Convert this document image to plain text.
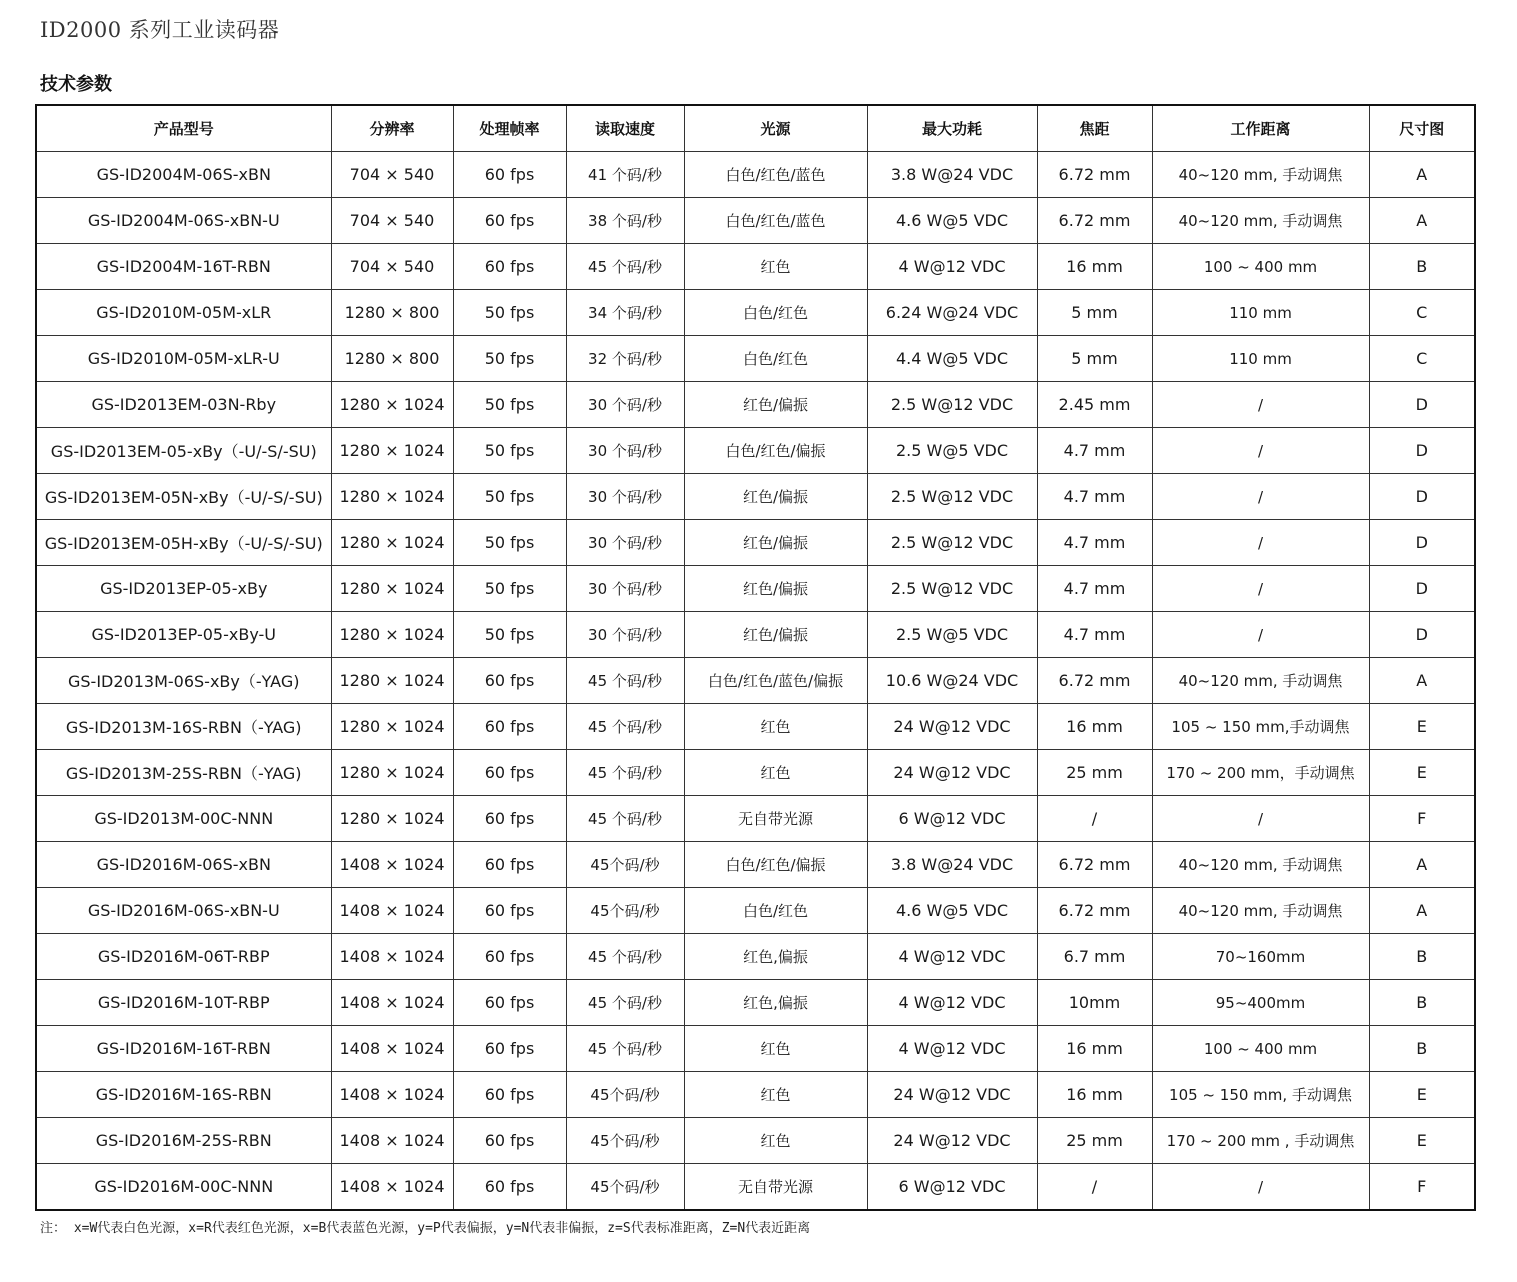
ID2000 系列工业读码器
技术参数
产品型号	分辨率	处理帧率	读取速度	光源	最大功耗	焦距	工作距离	尺寸图
GS-ID2004M-06S-xBN	704 × 540	60 fps	41 个码/秒	白色/红色/蓝色	3.8 W@24 VDC	6.72 mm	40~120 mm, 手动调焦	A
GS-ID2004M-06S-xBN-U	704 × 540	60 fps	38 个码/秒	白色/红色/蓝色	4.6 W@5 VDC	6.72 mm	40~120 mm, 手动调焦	A
GS-ID2004M-16T-RBN	704 × 540	60 fps	45 个码/秒	红色	4 W@12 VDC	16 mm	100 ~ 400 mm	B
GS-ID2010M-05M-xLR	1280 × 800	50 fps	34 个码/秒	白色/红色	6.24 W@24 VDC	5 mm	110 mm	C
GS-ID2010M-05M-xLR-U	1280 × 800	50 fps	32 个码/秒	白色/红色	4.4 W@5 VDC	5 mm	110 mm	C
GS-ID2013EM-03N-Rby	1280 × 1024	50 fps	30 个码/秒	红色/偏振	2.5 W@12 VDC	2.45 mm	/	D
GS-ID2013EM-05-xBy（-U/-S/-SU)	1280 × 1024	50 fps	30 个码/秒	白色/红色/偏振	2.5 W@5 VDC	4.7 mm	/	D
GS-ID2013EM-05N-xBy（-U/-S/-SU)	1280 × 1024	50 fps	30 个码/秒	红色/偏振	2.5 W@12 VDC	4.7 mm	/	D
GS-ID2013EM-05H-xBy（-U/-S/-SU)	1280 × 1024	50 fps	30 个码/秒	红色/偏振	2.5 W@12 VDC	4.7 mm	/	D
GS-ID2013EP-05-xBy	1280 × 1024	50 fps	30 个码/秒	红色/偏振	2.5 W@12 VDC	4.7 mm	/	D
GS-ID2013EP-05-xBy-U	1280 × 1024	50 fps	30 个码/秒	红色/偏振	2.5 W@5 VDC	4.7 mm	/	D
GS-ID2013M-06S-xBy（-YAG)	1280 × 1024	60 fps	45 个码/秒	白色/红色/蓝色/偏振	10.6 W@24 VDC	6.72 mm	40~120 mm, 手动调焦	A
GS-ID2013M-16S-RBN（-YAG)	1280 × 1024	60 fps	45 个码/秒	红色	24 W@12 VDC	16 mm	105 ~ 150 mm,手动调焦	E
GS-ID2013M-25S-RBN（-YAG)	1280 × 1024	60 fps	45 个码/秒	红色	24 W@12 VDC	25 mm	170 ~ 200 mm，手动调焦	E
GS-ID2013M-00C-NNN	1280 × 1024	60 fps	45 个码/秒	无自带光源	6 W@12 VDC	/	/	F
GS-ID2016M-06S-xBN	1408 × 1024	60 fps	45个码/秒	白色/红色/偏振	3.8 W@24 VDC	6.72 mm	40~120 mm, 手动调焦	A
GS-ID2016M-06S-xBN-U	1408 × 1024	60 fps	45个码/秒	白色/红色	4.6 W@5 VDC	6.72 mm	40~120 mm, 手动调焦	A
GS-ID2016M-06T-RBP	1408 × 1024	60 fps	45 个码/秒	红色,偏振	4 W@12 VDC	6.7 mm	70~160mm	B
GS-ID2016M-10T-RBP	1408 × 1024	60 fps	45 个码/秒	红色,偏振	4 W@12 VDC	10mm	95~400mm	B
GS-ID2016M-16T-RBN	1408 × 1024	60 fps	45 个码/秒	红色	4 W@12 VDC	16 mm	100 ~ 400 mm	B
GS-ID2016M-16S-RBN	1408 × 1024	60 fps	45个码/秒	红色	24 W@12 VDC	16 mm	105 ~ 150 mm, 手动调焦	E
GS-ID2016M-25S-RBN	1408 × 1024	60 fps	45个码/秒	红色	24 W@12 VDC	25 mm	170 ~ 200 mm , 手动调焦	E
GS-ID2016M-00C-NNN	1408 × 1024	60 fps	45个码/秒	无自带光源	6 W@12 VDC	/	/	F
注： x=W代表白色光源，x=R代表红色光源，x=B代表蓝色光源，y=P代表偏振，y=N代表非偏振，z=S代表标准距离，Z=N代表近距离
